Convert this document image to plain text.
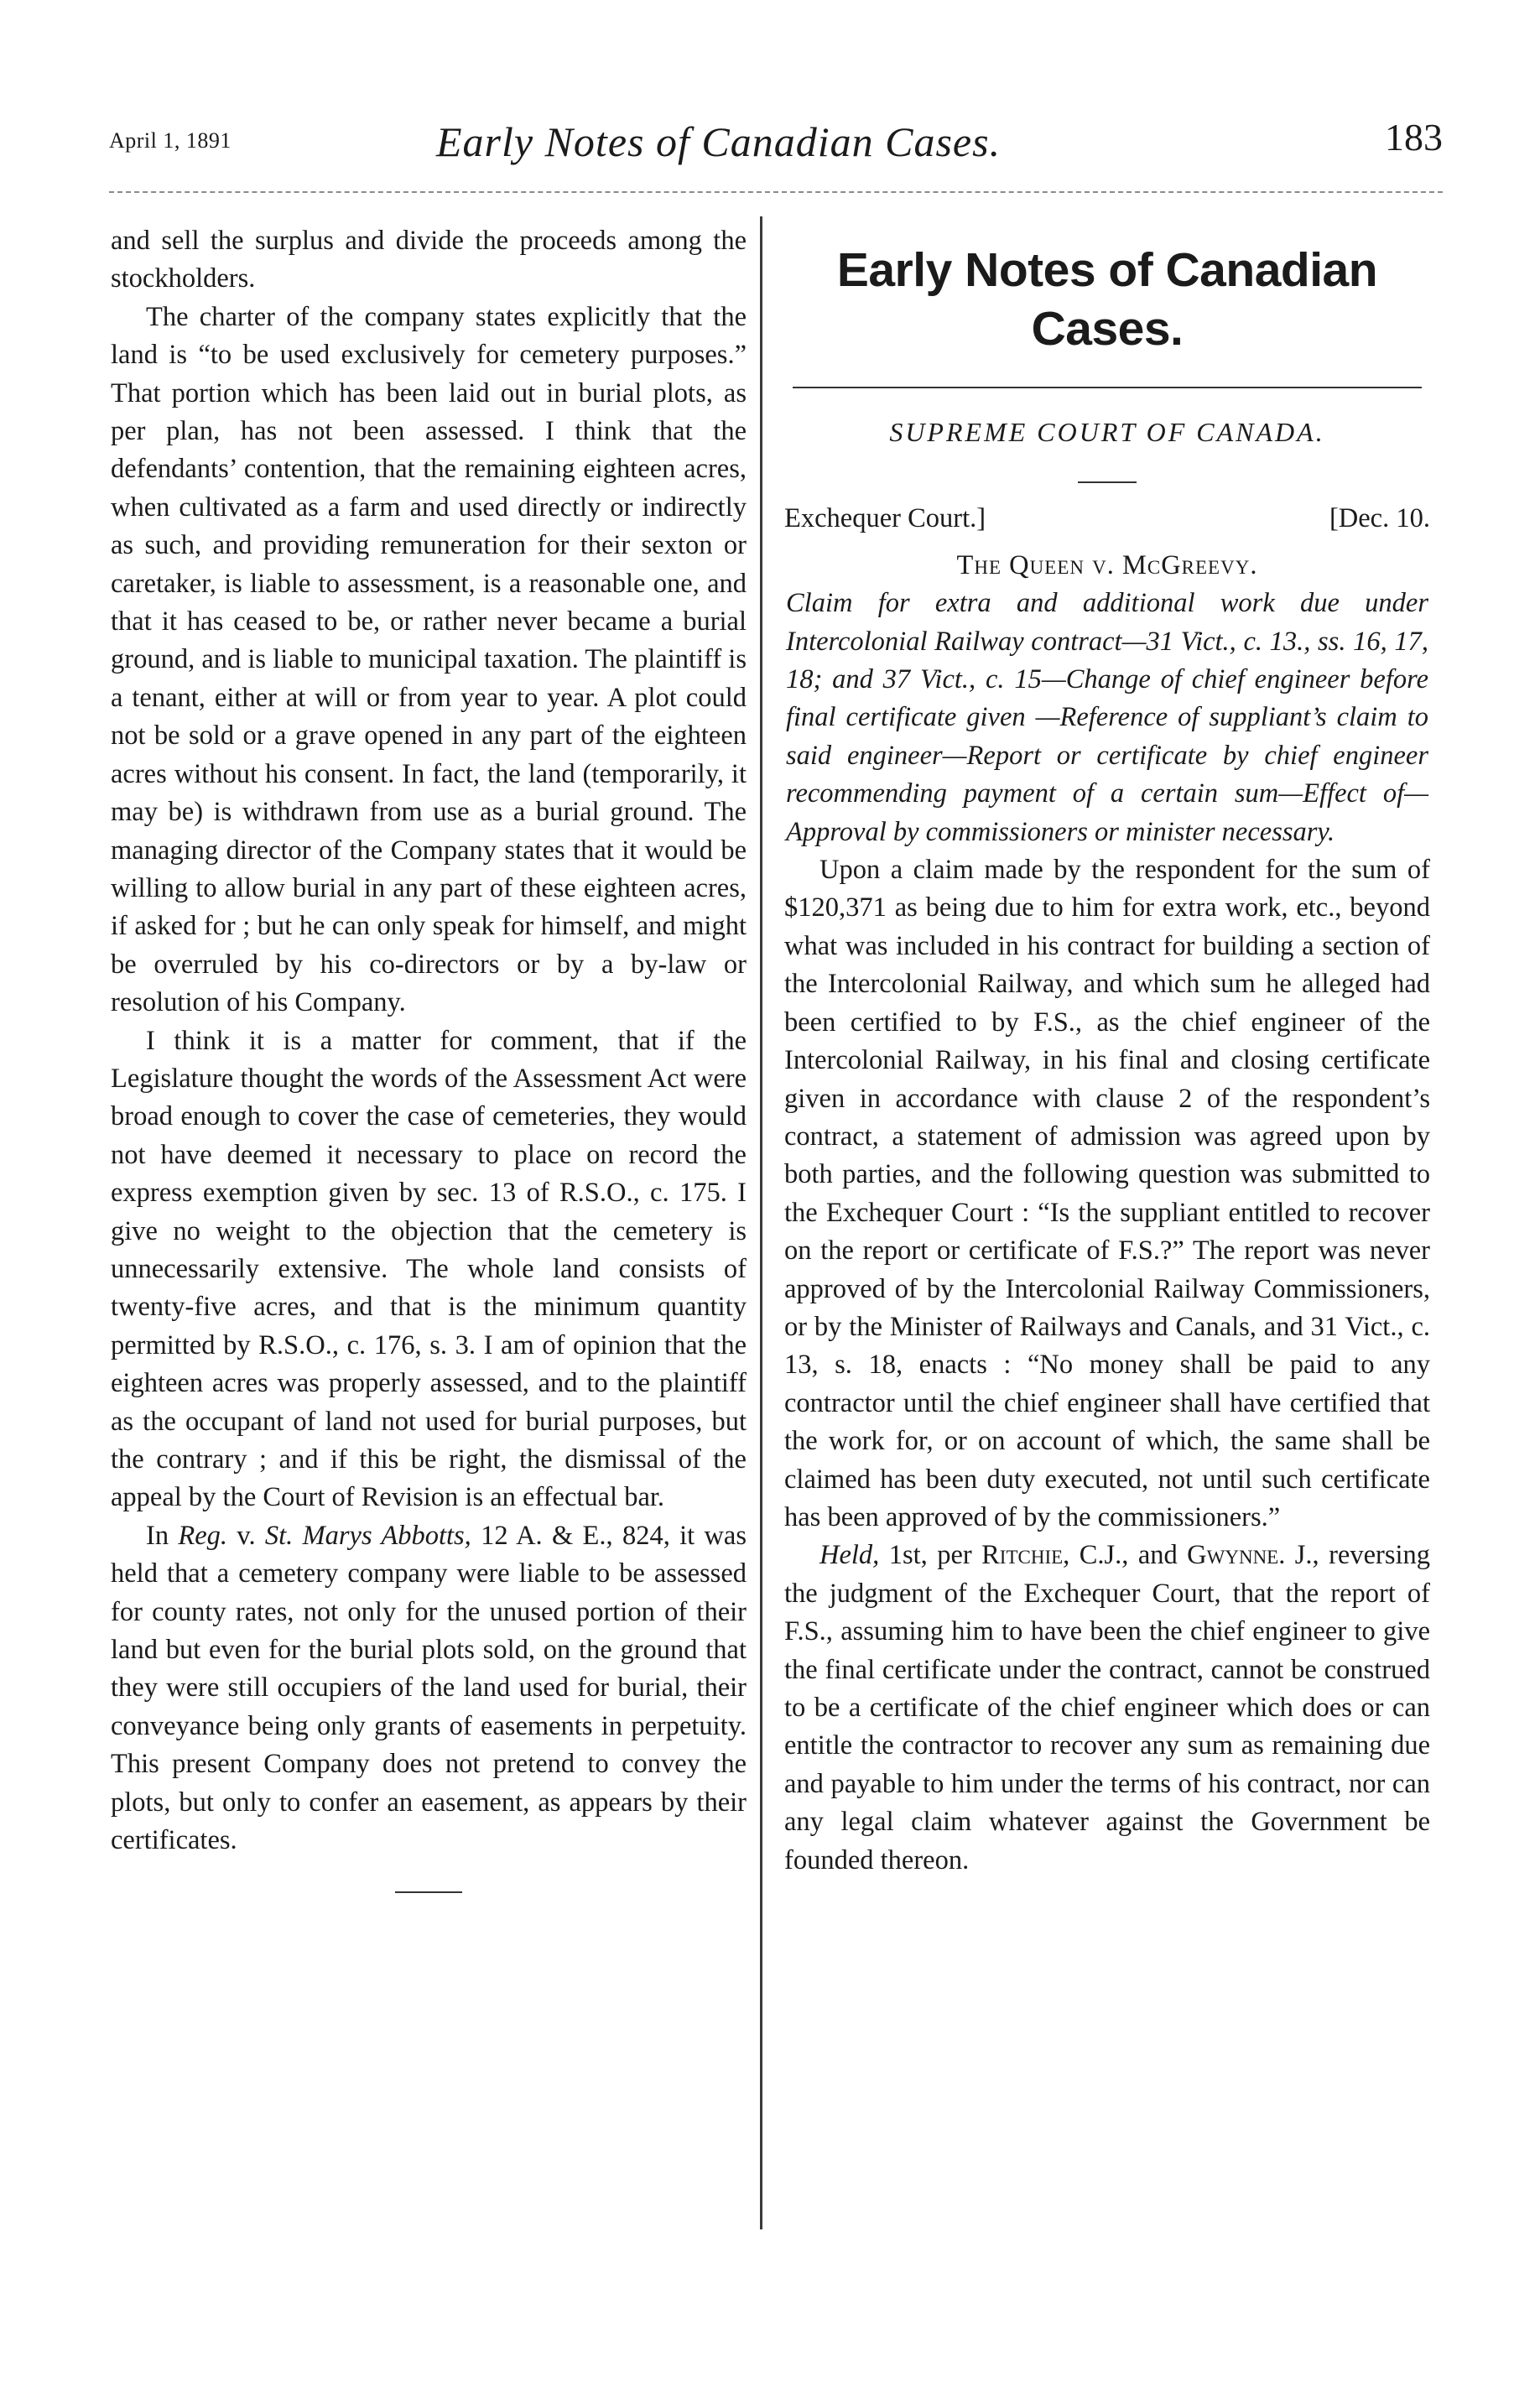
April 1, 1891	Early Notes of Canadian Cases.	183

and sell the surplus and divide the proceeds among the stockholders.

The charter of the company states explicitly that the land is “to be used exclusively for cemetery purposes.” That portion which has been laid out in burial plots, as per plan, has not been assessed. I think that the defendants’ contention, that the remaining eighteen acres, when cultivated as a farm and used directly or indirectly as such, and providing remuneration for their sexton or caretaker, is liable to assessment, is a reasonable one, and that it has ceased to be, or rather never became a burial ground, and is liable to municipal taxation. The plaintiff is a tenant, either at will or from year to year. A plot could not be sold or a grave opened in any part of the eighteen acres without his consent. In fact, the land (temporarily, it may be) is withdrawn from use as a burial ground. The managing director of the Company states that it would be willing to allow burial in any part of these eighteen acres, if asked for ; but he can only speak for himself, and might be overruled by his co-directors or by a by-law or resolution of his Company.

I think it is a matter for comment, that if the Legislature thought the words of the Assessment Act were broad enough to cover the case of cemeteries, they would not have deemed it necessary to place on record the express exemption given by sec. 13 of R.S.O., c. 175. I give no weight to the objection that the cemetery is unnecessarily extensive. The whole land consists of twenty-five acres, and that is the minimum quantity permitted by R.S.O., c. 176, s. 3. I am of opinion that the eighteen acres was properly assessed, and to the plaintiff as the occupant of land not used for burial purposes, but the contrary ; and if this be right, the dismissal of the appeal by the Court of Revision is an effectual bar.

In Reg. v. St. Marys Abbotts, 12 A. & E., 824, it was held that a cemetery company were liable to be assessed for county rates, not only for the unused portion of their land but even for the burial plots sold, on the ground that they were still occupiers of the land used for burial, their conveyance being only grants of easements in perpetuity. This present Company does not pretend to convey the plots, but only to confer an easement, as appears by their certificates.

Early Notes of Canadian Cases.
SUPREME COURT OF CANADA.
Exchequer Court.]	[Dec. 10.
The Queen v. McGreevy.

Claim for extra and additional work due under Intercolonial Railway contract—31 Vict., c. 13., ss. 16, 17, 18; and 37 Vict., c. 15—Change of chief engineer before final certificate given —Reference of suppliant’s claim to said engineer—Report or certificate by chief engineer recommending payment of a certain sum—Effect of—Approval by commissioners or minister necessary.

Upon a claim made by the respondent for the sum of $120,371 as being due to him for extra work, etc., beyond what was included in his contract for building a section of the Intercolonial Railway, and which sum he alleged had been certified to by F.S., as the chief engineer of the Intercolonial Railway, in his final and closing certificate given in accordance with clause 2 of the respondent’s contract, a statement of admission was agreed upon by both parties, and the following question was submitted to the Exchequer Court : “Is the suppliant entitled to recover on the report or certificate of F.S.?” The report was never approved of by the Intercolonial Railway Commissioners, or by the Minister of Railways and Canals, and 31 Vict., c. 13, s. 18, enacts : “No money shall be paid to any contractor until the chief engineer shall have certified that the work for, or on account of which, the same shall be claimed has been duty executed, not until such certificate has been approved of by the commissioners.”

Held, 1st, per Ritchie, C.J., and Gwynne. J., reversing the judgment of the Exchequer Court, that the report of F.S., assuming him to have been the chief engineer to give the final certificate under the contract, cannot be construed to be a certificate of the chief engineer which does or can entitle the contractor to recover any sum as remaining due and payable to him under the terms of his contract, nor can any legal claim whatever against the Government be founded thereon.
